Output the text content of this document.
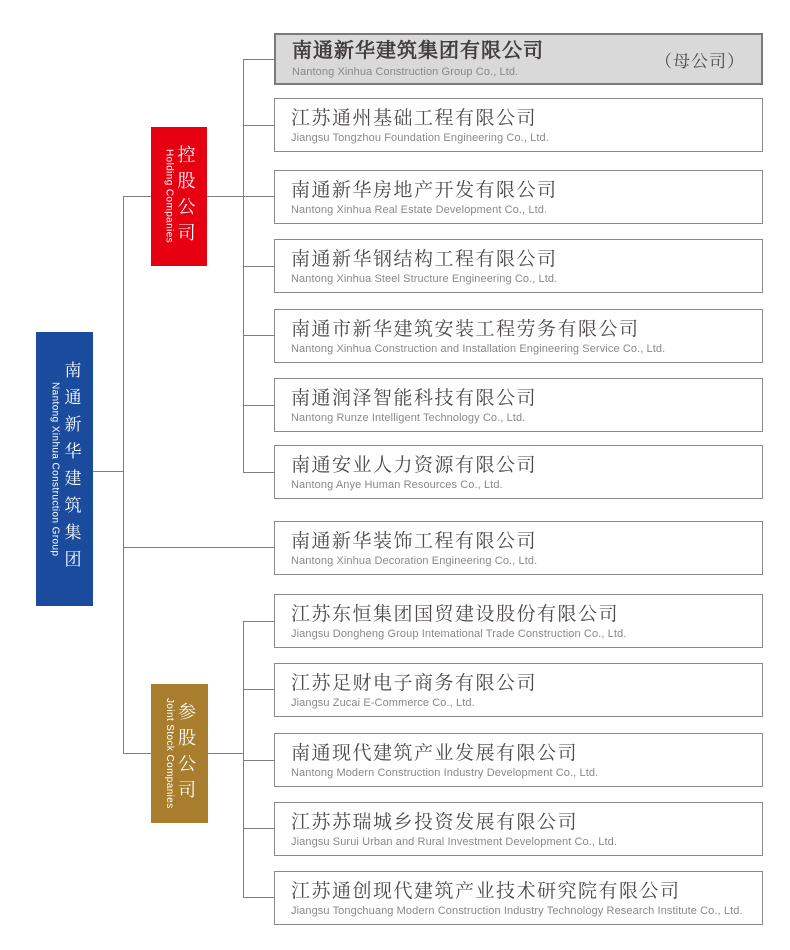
Nantong Xinhua Construction Group 南通新华建筑集团
Holding Companies 控股公司
Joint Stock Companies 参股公司
南通新华建筑集团有限公司
Nantong Xinhua Construction Group Co., Ltd.
（母公司）
江苏通州基础工程有限公司
Jiangsu Tongzhou Foundation Engineering Co., Ltd.
南通新华房地产开发有限公司
Nantong Xinhua Real Estate Development Co., Ltd.
南通新华钢结构工程有限公司
Nantong Xinhua Steel Structure Engineering Co., Ltd.
南通市新华建筑安装工程劳务有限公司
Nantong Xinhua Construction and Installation Engineering Service Co., Ltd.
南通润泽智能科技有限公司
Nantong Runze Intelligent Technology Co., Ltd.
南通安业人力资源有限公司
Nantong Anye Human Resources Co., Ltd.
南通新华装饰工程有限公司
Nantong Xinhua Decoration Engineering Co., Ltd.
江苏东恒集团国贸建设股份有限公司
Jiangsu Dongheng Group Intemational Trade Construction Co., Ltd.
江苏足财电子商务有限公司
Jiangsu Zucai E-Commerce Co., Ltd.
南通现代建筑产业发展有限公司
Nantong Modern Construction Industry Development Co., Ltd.
江苏苏瑞城乡投资发展有限公司
Jiangsu Surui Urban and Rural Investment Development Co., Ltd.
江苏通创现代建筑产业技术研究院有限公司
Jiangsu Tongchuang Modern Construction Industry Technology Research Institute Co., Ltd.
